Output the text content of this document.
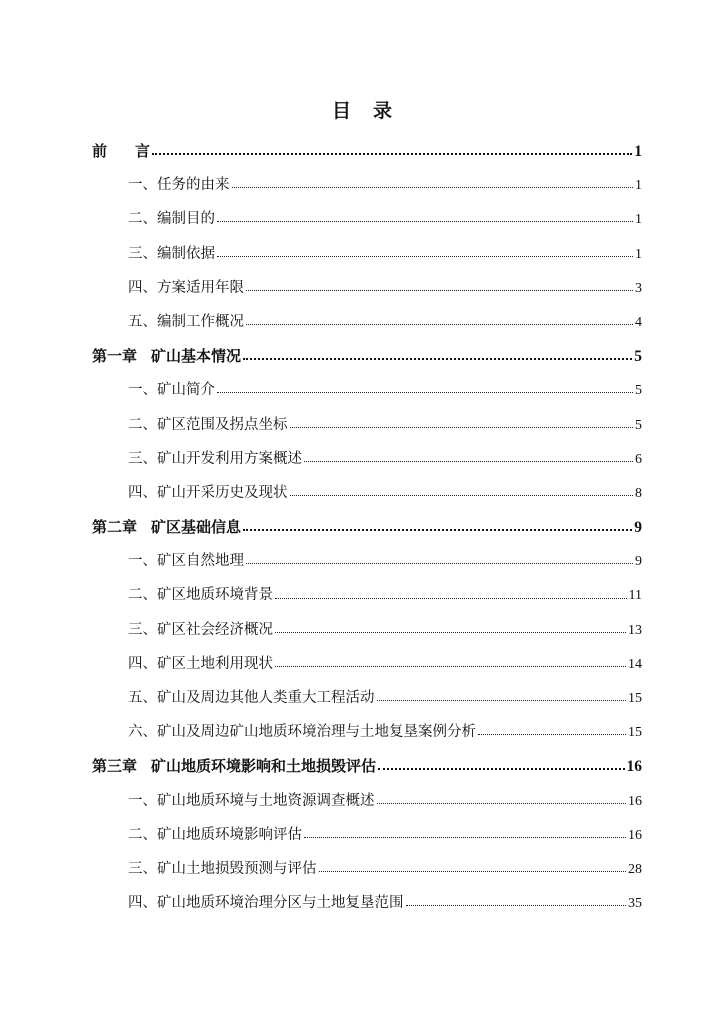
目 录
前 言	1
一、任务的由来	1
二、编制目的	1
三、编制依据	1
四、方案适用年限	3
五、编制工作概况	4
第一章 矿山基本情况	5
一、矿山简介	5
二、矿区范围及拐点坐标	5
三、矿山开发利用方案概述	6
四、矿山开采历史及现状	8
第二章 矿区基础信息	9
一、矿区自然地理	9
二、矿区地质环境背景	11
三、矿区社会经济概况	13
四、矿区土地利用现状	14
五、矿山及周边其他人类重大工程活动	15
六、矿山及周边矿山地质环境治理与土地复垦案例分析	15
第三章 矿山地质环境影响和土地损毁评估	16
一、矿山地质环境与土地资源调查概述	16
二、矿山地质环境影响评估	16
三、矿山土地损毁预测与评估	28
四、矿山地质环境治理分区与土地复垦范围	35
